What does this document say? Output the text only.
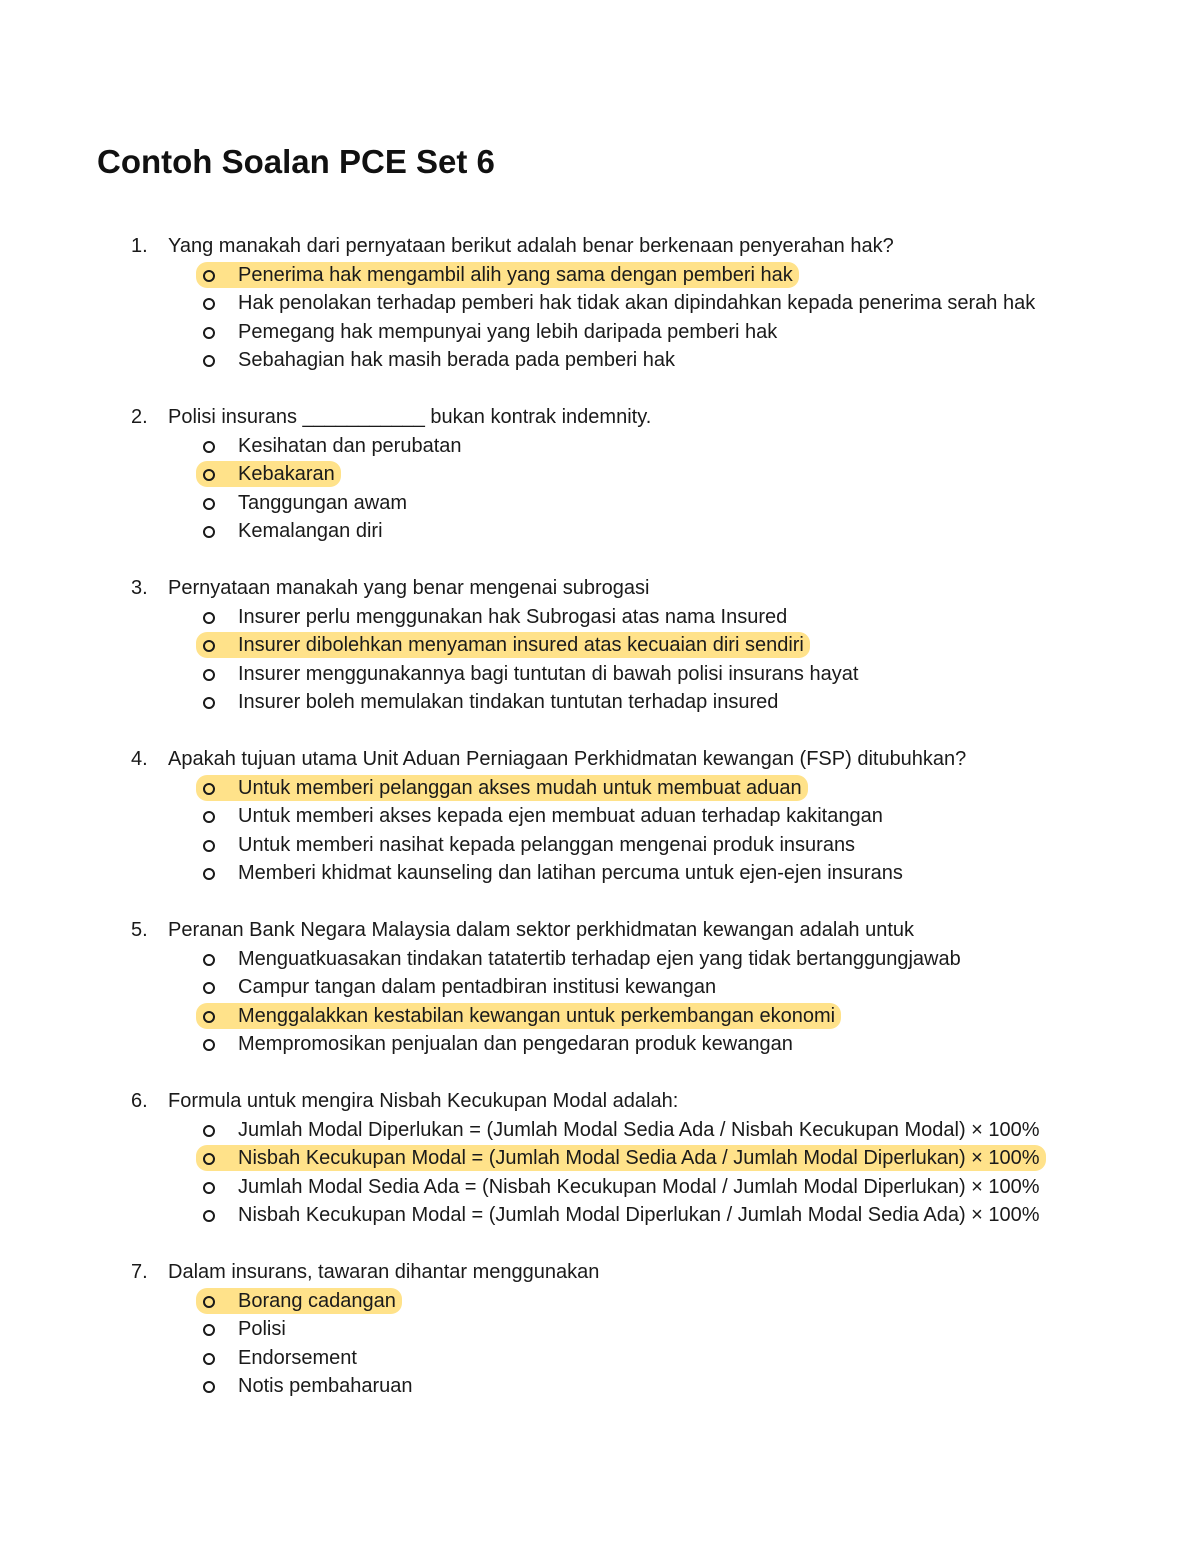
Contoh Soalan PCE Set 6
1. Yang manakah dari pernyataan berikut adalah benar berkenaan penyerahan hak?
Penerima hak mengambil alih yang sama dengan pemberi hak
Hak penolakan terhadap pemberi hak tidak akan dipindahkan kepada penerima serah hak
Pemegang hak mempunyai yang lebih daripada pemberi hak
Sebahagian hak masih berada pada pemberi hak
2. Polisi insurans ___________ bukan kontrak indemnity.
Kesihatan dan perubatan
Kebakaran
Tanggungan awam
Kemalangan diri
3. Pernyataan manakah yang benar mengenai subrogasi
Insurer perlu menggunakan hak Subrogasi atas nama Insured
Insurer dibolehkan menyaman insured atas kecuaian diri sendiri
Insurer menggunakannya bagi tuntutan di bawah polisi insurans hayat
Insurer boleh memulakan tindakan tuntutan terhadap insured
4. Apakah tujuan utama Unit Aduan Perniagaan Perkhidmatan kewangan (FSP) ditubuhkan?
Untuk memberi pelanggan akses mudah untuk membuat aduan
Untuk memberi akses kepada ejen membuat aduan terhadap kakitangan
Untuk memberi nasihat kepada pelanggan mengenai produk insurans
Memberi khidmat kaunseling dan latihan percuma untuk ejen-ejen insurans
5. Peranan Bank Negara Malaysia dalam sektor perkhidmatan kewangan adalah untuk
Menguatkuasakan tindakan tatatertib terhadap ejen yang tidak bertanggungjawab
Campur tangan dalam pentadbiran institusi kewangan
Menggalakkan kestabilan kewangan untuk perkembangan ekonomi
Mempromosikan penjualan dan pengedaran produk kewangan
6. Formula untuk mengira Nisbah Kecukupan Modal adalah:
Jumlah Modal Diperlukan = (Jumlah Modal Sedia Ada / Nisbah Kecukupan Modal) × 100%
Nisbah Kecukupan Modal = (Jumlah Modal Sedia Ada / Jumlah Modal Diperlukan) × 100%
Jumlah Modal Sedia Ada = (Nisbah Kecukupan Modal / Jumlah Modal Diperlukan) × 100%
Nisbah Kecukupan Modal = (Jumlah Modal Diperlukan / Jumlah Modal Sedia Ada) × 100%
7. Dalam insurans, tawaran dihantar menggunakan
Borang cadangan
Polisi
Endorsement
Notis pembaharuan
